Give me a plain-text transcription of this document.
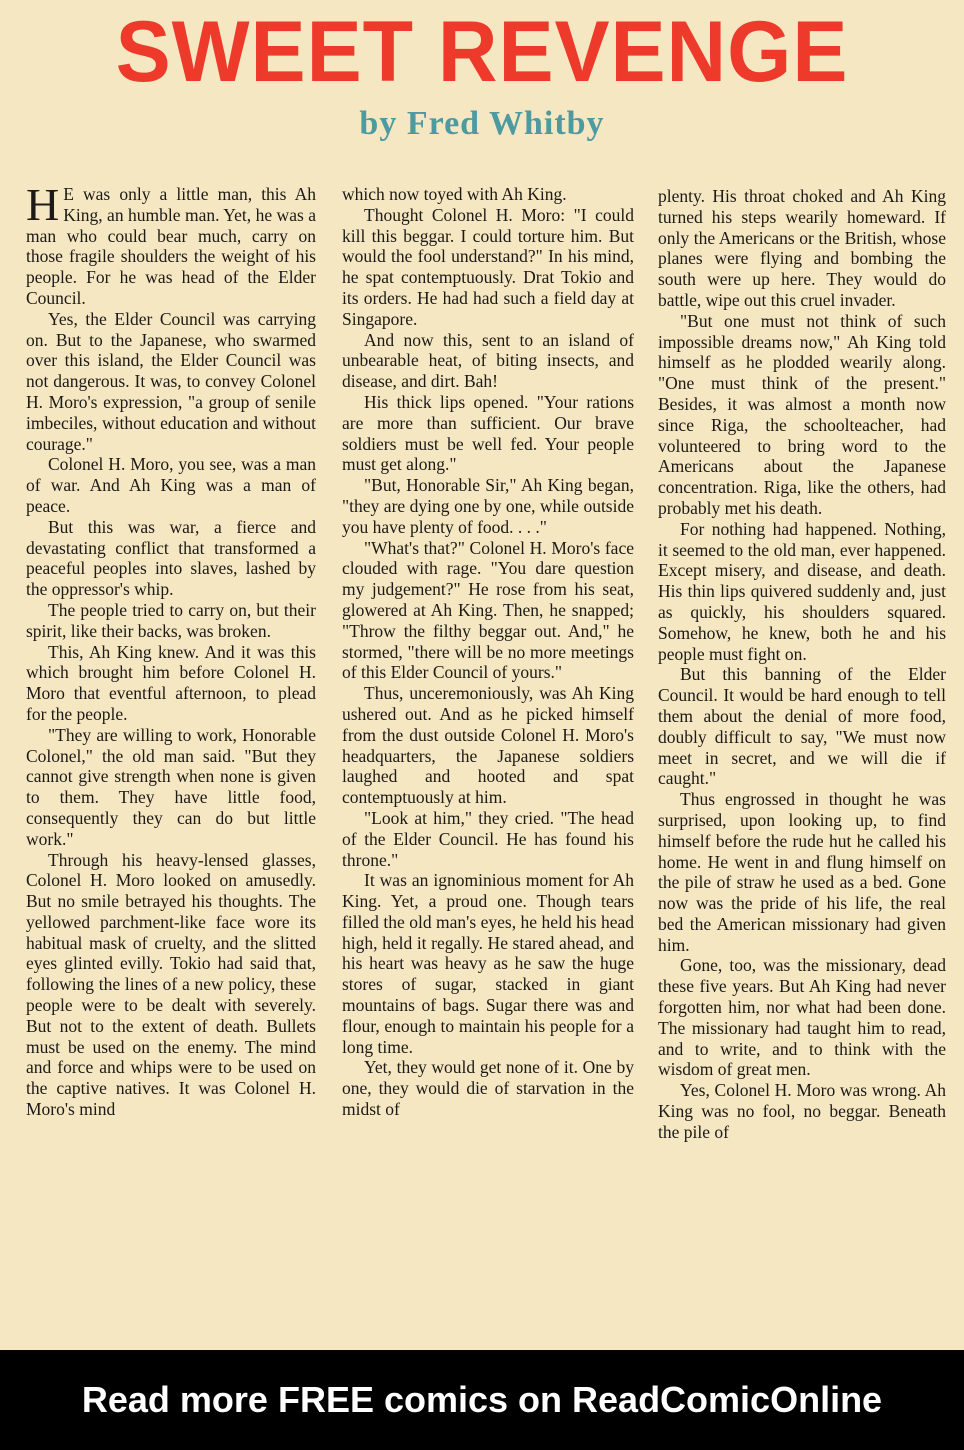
SWEET REVENGE
by Fred Whitby

H E was only a little man, this Ah King, an humble man. Yet, he was a man who could bear much, carry on those fragile shoulders the weight of his people. For he was head of the Elder Council.

Yes, the Elder Council was carrying on. But to the Japanese, who swarmed over this island, the Elder Council was not dangerous. It was, to convey Colonel H. Moro's expression, "a group of senile imbeciles, without education and without courage."

Colonel H. Moro, you see, was a man of war. And Ah King was a man of peace.

But this was war, a fierce and devastating conflict that transformed a peaceful peoples into slaves, lashed by the oppressor's whip.

The people tried to carry on, but their spirit, like their backs, was broken.

This, Ah King knew. And it was this which brought him before Colonel H. Moro that eventful afternoon, to plead for the people.

"They are willing to work, Honorable Colonel," the old man said. "But they cannot give strength when none is given to them. They have little food, consequently they can do but little work."

Through his heavy-lensed glasses, Colonel H. Moro looked on amusedly. But no smile betrayed his thoughts. The yellowed parchment-like face wore its habitual mask of cruelty, and the slitted eyes glinted evilly. Tokio had said that, following the lines of a new policy, these people were to be dealt with severely. But not to the extent of death. Bullets must be used on the enemy. The mind and force and whips were to be used on the captive natives. It was Colonel H. Moro's mind

which now toyed with Ah King.

Thought Colonel H. Moro: "I could kill this beggar. I could torture him. But would the fool understand?" In his mind, he spat contemptuously. Drat Tokio and its orders. He had had such a field day at Singapore.

And now this, sent to an island of unbearable heat, of biting insects, and disease, and dirt. Bah!

His thick lips opened. "Your rations are more than sufficient. Our brave soldiers must be well fed. Your people must get along."

"But, Honorable Sir," Ah King began, "they are dying one by one, while outside you have plenty of food. . . ."

"What's that?" Colonel H. Moro's face clouded with rage. "You dare question my judgement?" He rose from his seat, glowered at Ah King. Then, he snapped; "Throw the filthy beggar out. And," he stormed, "there will be no more meetings of this Elder Council of yours."

Thus, unceremoniously, was Ah King ushered out. And as he picked himself from the dust outside Colonel H. Moro's headquarters, the Japanese soldiers laughed and hooted and spat contemptuously at him.

"Look at him," they cried. "The head of the Elder Council. He has found his throne."

It was an ignominious moment for Ah King. Yet, a proud one. Though tears filled the old man's eyes, he held his head high, held it regally. He stared ahead, and his heart was heavy as he saw the huge stores of sugar, stacked in giant mountains of bags. Sugar there was and flour, enough to maintain his people for a long time.

Yet, they would get none of it. One by one, they would die of starvation in the midst of

plenty. His throat choked and Ah King turned his steps wearily homeward. If only the Americans or the British, whose planes were flying and bombing the south were up here. They would do battle, wipe out this cruel invader.

"But one must not think of such impossible dreams now," Ah King told himself as he plodded wearily along. "One must think of the present." Besides, it was almost a month now since Riga, the schoolteacher, had volunteered to bring word to the Americans about the Japanese concentration. Riga, like the others, had probably met his death.

For nothing had happened. Nothing, it seemed to the old man, ever happened. Except misery, and disease, and death. His thin lips quivered suddenly and, just as quickly, his shoulders squared. Somehow, he knew, both he and his people must fight on.

But this banning of the Elder Council. It would be hard enough to tell them about the denial of more food, doubly difficult to say, "We must now meet in secret, and we will die if caught."

Thus engrossed in thought he was surprised, upon looking up, to find himself before the rude hut he called his home. He went in and flung himself on the pile of straw he used as a bed. Gone now was the pride of his life, the real bed the American missionary had given him.

Gone, too, was the missionary, dead these five years. But Ah King had never forgotten him, nor what had been done. The missionary had taught him to read, and to write, and to think with the wisdom of great men.

Yes, Colonel H. Moro was wrong. Ah King was no fool, no beggar. Beneath the pile of

Read more FREE comics on ReadComicOnline
